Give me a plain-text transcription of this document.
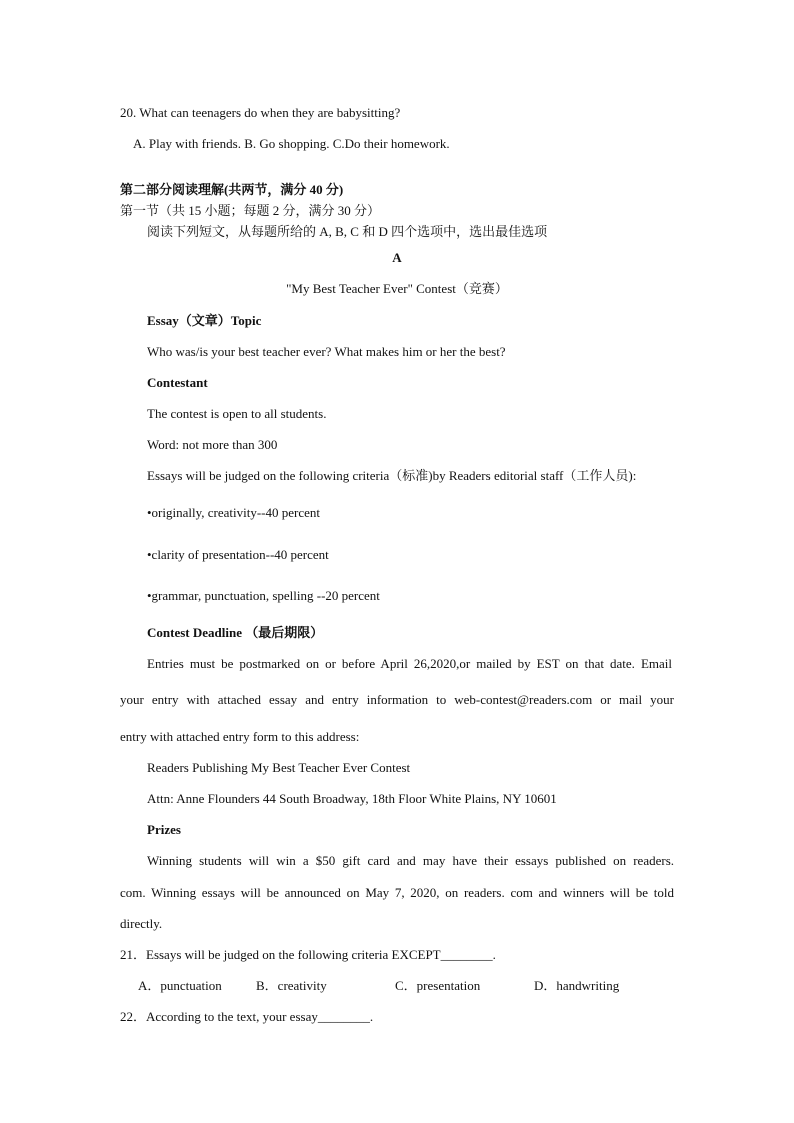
20. What can teenagers do when they are babysitting?
A. Play with friends. B. Go shopping. C.Do their homework.
第二部分阅读理解(共两节，满分 40 分)
第一节（共 15 小题；每题 2 分，满分 30 分）
阅读下列短文，从每题所给的 A, B, C 和 D 四个选项中，选出最佳选项
A
"My Best Teacher Ever" Contest（竞赛）
Essay（文章）Topic
Who was/is your best teacher ever? What makes him or her the best?
Contestant
The contest is open to all students.
Word: not more than 300
Essays will be judged on the following criteria（标准)by Readers editorial staff（工作人员):
•originally, creativity--40 percent
•clarity of presentation--40 percent
•grammar, punctuation, spelling --20 percent
Contest Deadline （最后期限）
Entries must be postmarked on or before April 26,2020,or mailed by EST on that date. Email
your entry with attached essay and entry information to web-contest@readers.com or mail your
entry with attached entry form to this address:
Readers Publishing My Best Teacher Ever Contest
Attn: Anne Flounders 44 South Broadway, 18th Floor White Plains, NY 10601
Prizes
Winning students will win a $50 gift card and may have their essays published on readers.
com. Winning essays will be announced on May 7, 2020, on readers. com and winners will be told
directly.
21．Essays will be judged on the following criteria EXCEPT________.
A．punctuation	B．creativity	C．presentation	D．handwriting
22．According to the text, your essay________.
